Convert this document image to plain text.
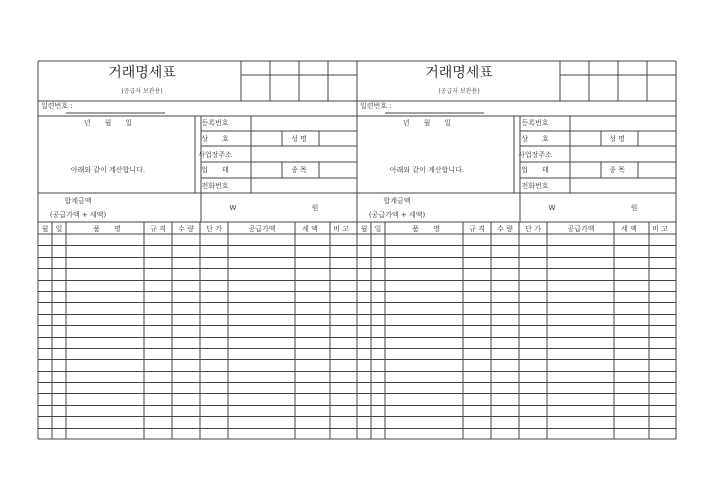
거래명세표
(공급자 보관용)
일련번호 :
년　　월　　일
아래와 같이 계산합니다.
등록번호
상　　호	성 명
사업장주소
업　　태	종 목
전화번호
합계금액
(공급가액 + 세액)
W	원
월 일	품　　명	규 격 수 량 단 가	공급가액	세 액 비 고
거래명세표
(공급자 보관용)
일련번호 :
년　　월　　일
아래와 같이 계산합니다.
등록번호
상　　호	성 명
사업장주소
업　　태	종 목
전화번호
합계금액
(공급가액 + 세액)
W	원
월 일	품　　명	규 격 수 량 단 가	공급가액	세 액 비 고
